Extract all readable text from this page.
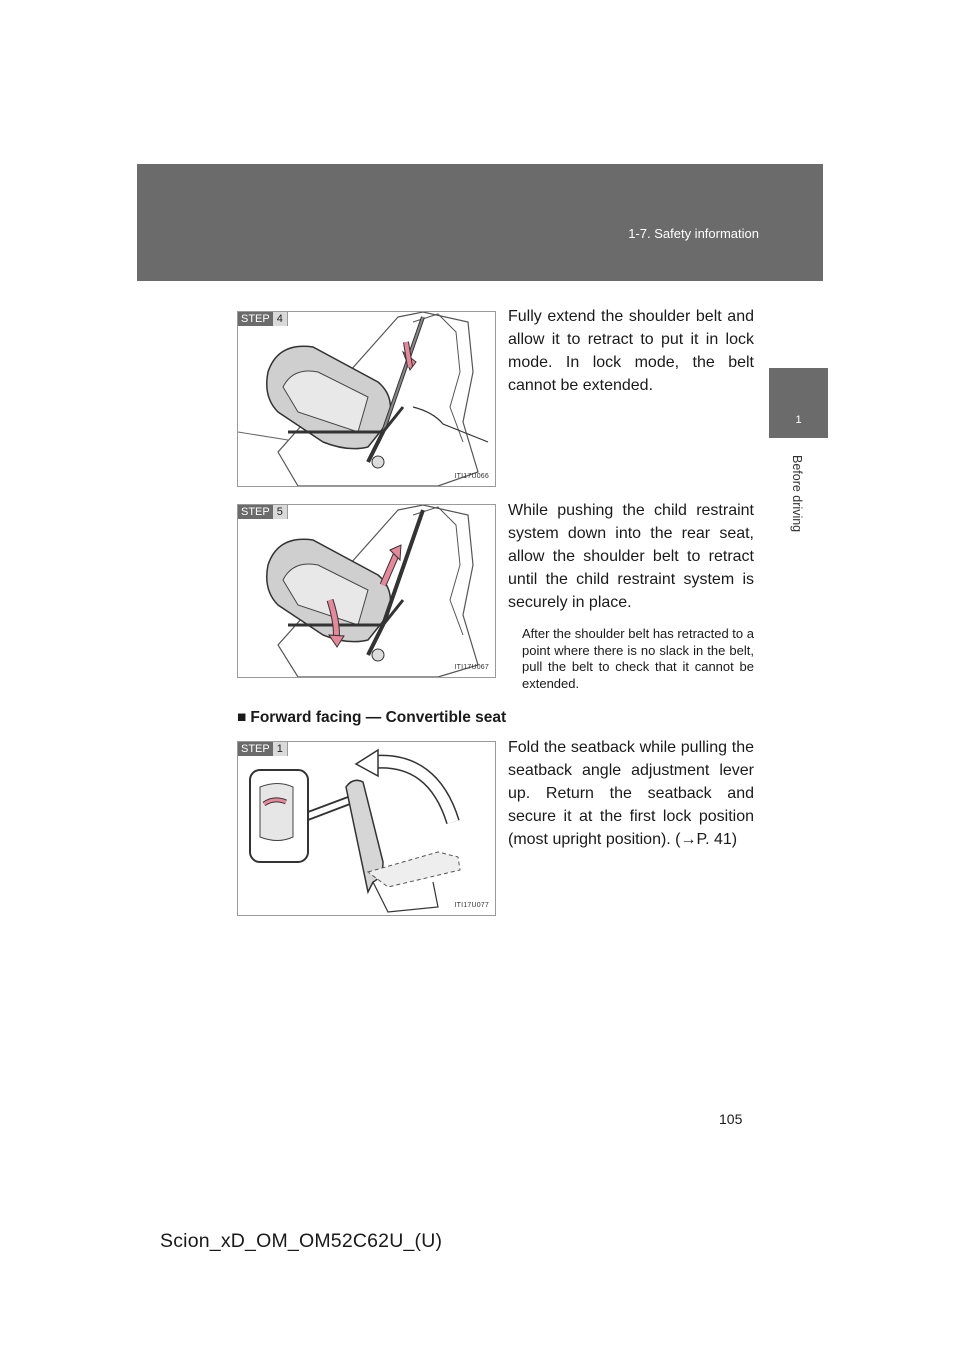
1-7. Safety information
1
Before driving
STEP 4
ITI17U066
Fully extend the shoulder belt and allow it to retract to put it in lock mode. In lock mode, the belt cannot be extended.
STEP 5
ITI17U067
While pushing the child restraint system down into the rear seat, allow the shoulder belt to retract until the child restraint system is securely in place.
After the shoulder belt has retracted to a point where there is no slack in the belt, pull the belt to check that it cannot be extended.
■ Forward facing — Convertible seat
STEP 1
ITI17U077
Fold the seatback while pulling the seatback angle adjustment lever up. Return the seatback and secure it at the first lock position (most upright position). (→P. 41)
105
Scion_xD_OM_OM52C62U_(U)
